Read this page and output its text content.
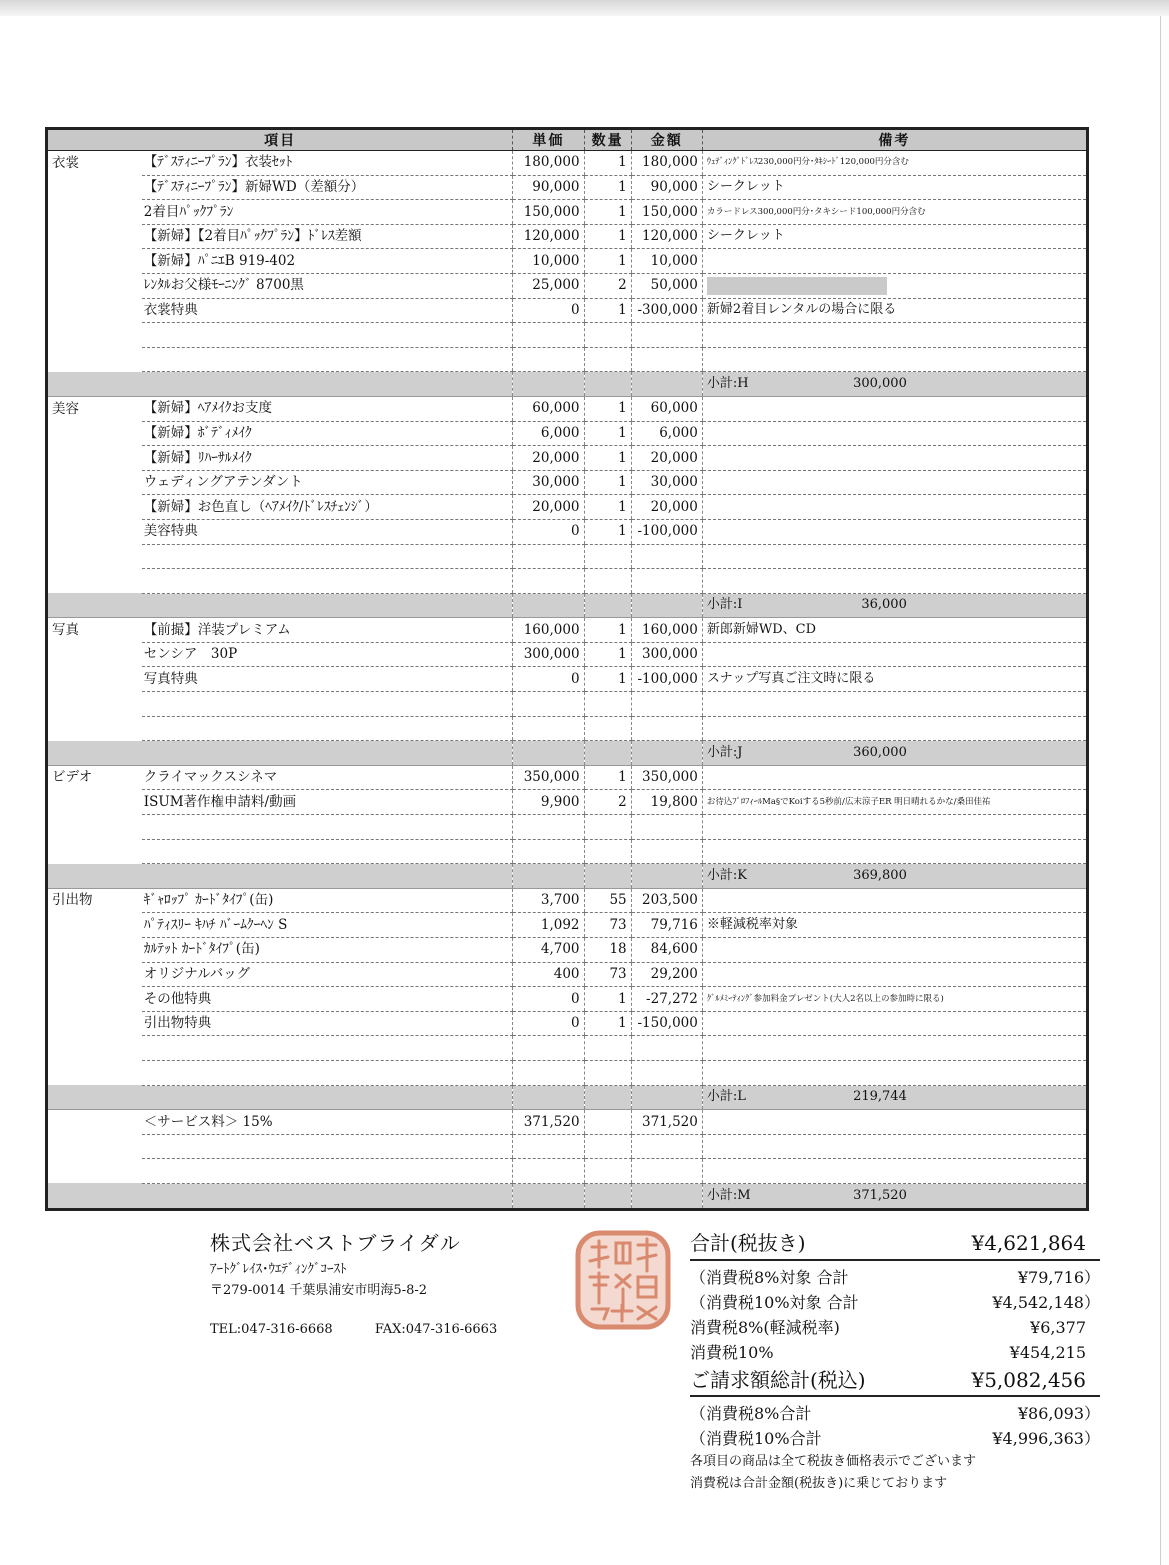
項目		単価	数量	金額	備考
衣裳	【ﾃﾞｽﾃｨﾆｰﾌﾟﾗﾝ】衣装ｾｯﾄ	180,000	1	180,000	ｳｪﾃﾞｨﾝｸﾞﾄﾞﾚｽ230,000円分･ﾀｷｼｰﾄﾞ120,000円分含む
	【ﾃﾞｽﾃｨﾆｰﾌﾟﾗﾝ】新婦WD（差額分）	90,000	1	90,000	シークレット
	2着目ﾊﾟｯｸﾌﾟﾗﾝ	150,000	1	150,000	カラードレス300,000円分･タキシード100,000円分含む
	【新婦】【2着目ﾊﾟｯｸﾌﾟﾗﾝ】ﾄﾞﾚｽ差額	120,000	1	120,000	シークレット
	【新婦】ﾊﾟﾆｴB 919-402	10,000	1	10,000	
	ﾚﾝﾀﾙお父様ﾓｰﾆﾝｸﾞ 8700黒	25,000	2	50,000	
	衣裳特典	0	1	-300,000	新婦2着目レンタルの場合に限る

					小計:H 300,000
美容	【新婦】ﾍｱﾒｲｸお支度	60,000	1	60,000	
	【新婦】ﾎﾞﾃﾞｨﾒｲｸ	6,000	1	6,000	
	【新婦】ﾘﾊｰｻﾙﾒｲｸ	20,000	1	20,000	
	ウェディングアテンダント	30,000	1	30,000	
	【新婦】お色直し（ﾍｱﾒｲｸ/ﾄﾞﾚｽﾁｪﾝｼﾞ）	20,000	1	20,000	
	美容特典	0	1	-100,000	

					小計:I 36,000
写真	【前撮】洋装プレミアム	160,000	1	160,000	新郎新婦WD、CD
	センシア　30P	300,000	1	300,000	
	写真特典	0	1	-100,000	スナップ写真ご注文時に限る

					小計:J 360,000
ビデオ	クライマックスシネマ	350,000	1	350,000	
	ISUM著作権申請料/動画	9,900	2	19,800	お待込ﾌﾟﾛﾌｨｰﾙMa§でKoiする5秒前/広末涼子ER 明日晴れるかな/桑田佳祐

					小計:K 369,800
引出物	ｷﾞｬﾛｯﾌﾟ ｶｰﾄﾞﾀｲﾌﾟ(缶)	3,700	55	203,500	
	ﾊﾟﾃｨｽﾘｰ ｷﾊﾁ ﾊﾞｰﾑｸｰﾍﾝ S	1,092	73	79,716	※軽減税率対象
	ｶﾙﾃｯﾄ ｶｰﾄﾞﾀｲﾌﾟ(缶)	4,700	18	84,600	
	オリジナルバッグ	400	73	29,200	
	その他特典	0	1	-27,272	ｸﾞﾙﾒﾐｰﾃｨﾝｸﾞ参加料金プレゼント(大人2名以上の参加時に限る)
	引出物特典	0	1	-150,000	

					小計:L 219,744
	＜サービス料＞ 15%	371,520		371,520	

					小計:M 371,520
株式会社ベストブライダル
ｱｰﾄｸﾞﾚｲｽ･ｳｴﾃﾞｨﾝｸﾞｺｰｽﾄ
〒279-0014 千葉県浦安市明海5-8-2
TEL:047-316-6668	FAX:047-316-6663
合計(税抜き)	¥4,621,864
（消費税8%対象 合計	¥79,716）
（消費税10%対象 合計	¥4,542,148）
消費税8%(軽減税率)	¥6,377
消費税10%	¥454,215
ご請求額総計(税込)	¥5,082,456
（消費税8%合計	¥86,093）
（消費税10%合計	¥4,996,363）
各項目の商品は全て税抜き価格表示でございます
消費税は合計金額(税抜き)に乗じております
